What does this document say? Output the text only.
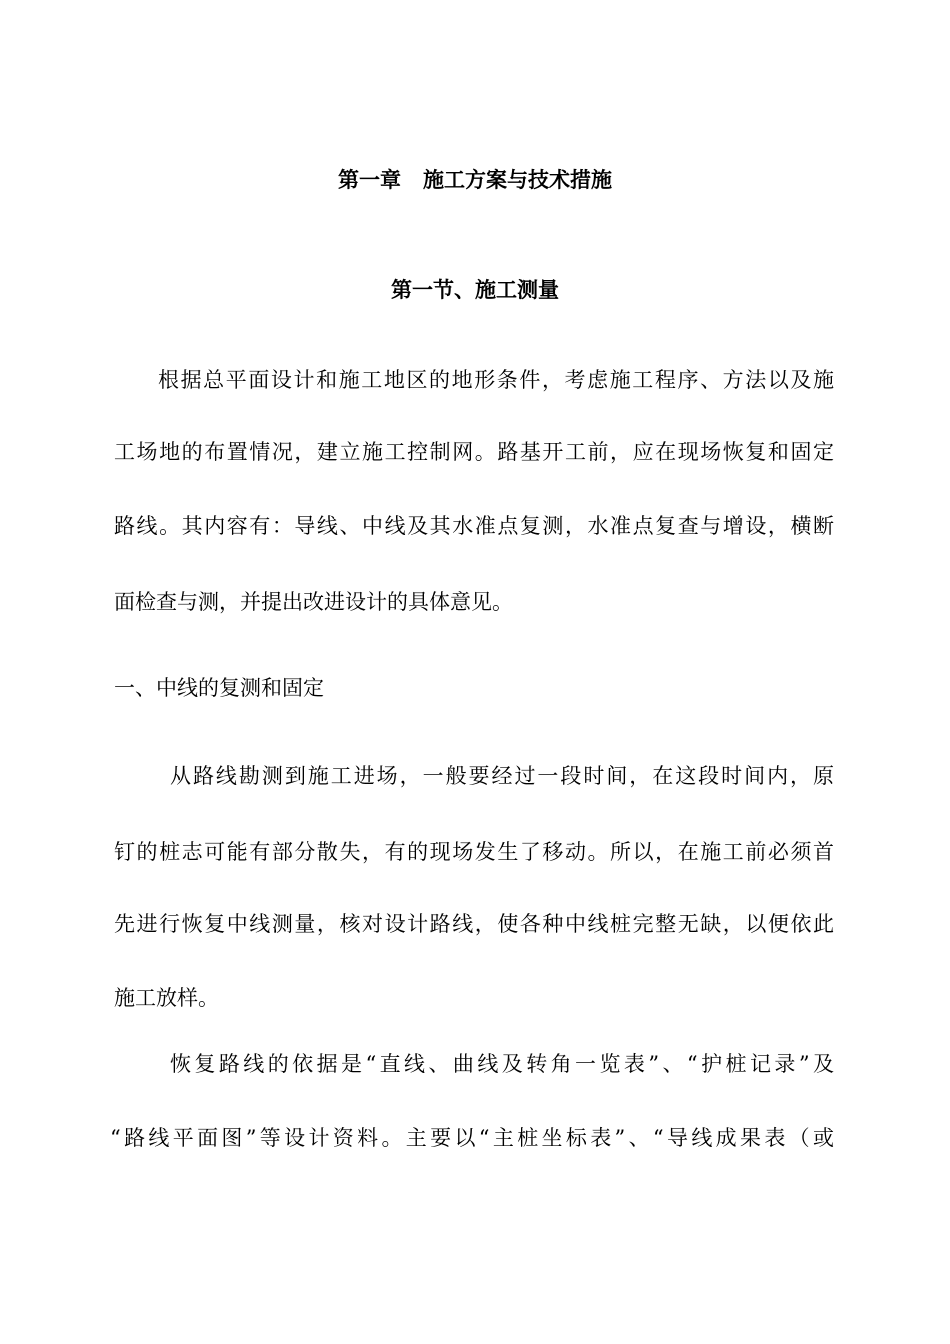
第一章   施工方案与技术措施
第一节、施工测量
根据总平面设计和施工地区的地形条件，考虑施工程序、方法以及施
工场地的布置情况，建立施工控制网。路基开工前，应在现场恢复和固定
路线。其内容有：导线、中线及其水准点复测，水准点复查与增设，横断
面检查与测，并提出改进设计的具体意见。
一、中线的复测和固定
从路线勘测到施工进场，一般要经过一段时间，在这段时间内，原
钉的桩志可能有部分散失，有的现场发生了移动。所以，在施工前必须首
先进行恢复中线测量，核对设计路线，使各种中线桩完整无缺，以便依此
施工放样。
恢复路线的依据是“直线、曲线及转角一览表”、“护桩记录”及
“路线平面图”等设计资料。主要以“主桩坐标表”、“导线成果表（或
